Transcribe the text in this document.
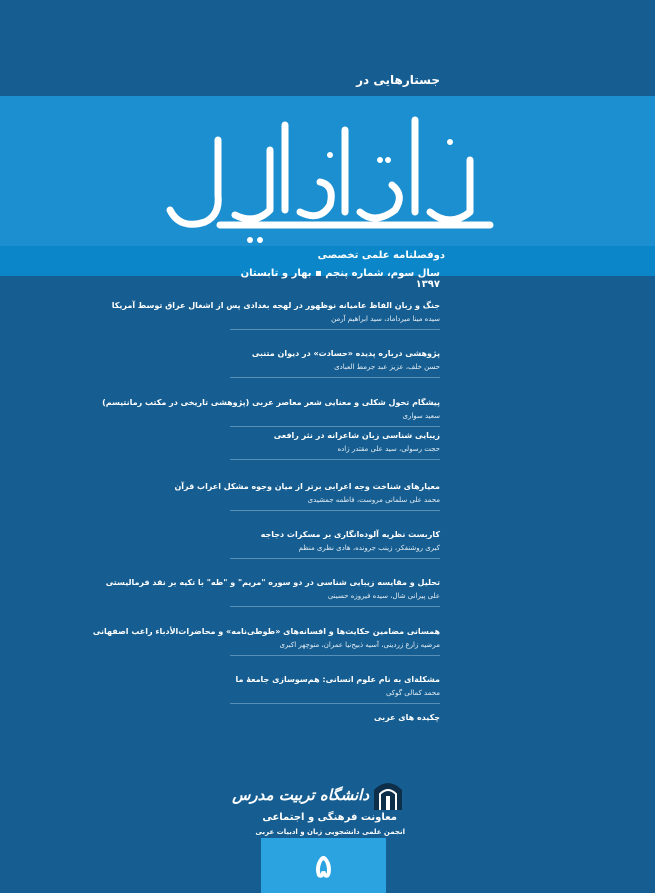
جستارهایی در
زبان و ادبیات عربی
دوفصلنامه علمی تخصصی
سال سوم، شماره پنجم ▪ بهار و تابستان ۱۳۹۷
جنگ و زبان الفاظ عامیانه نوظهور در لهجه بغدادی پس از اشغال عراق توسط آمریکا
سیده مینا میرداماد، سید ابراهیم آرمن
پژوهشی درباره پدیده «حسادت» در دیوان متنبی
حسن خلف، عزیز عبد جرمط العبادی
پیشگام تحول شکلی و معنایی شعر معاصر عربی (پژوهشی تاریخی در مکتب رمانتیسم)
سعید سواری
زیبایی شناسی زبان شاعرانه در نثر رافعی
حجت رسولی، سید علی مقتدر زاده
معیارهای شناخت وجه اعرابی برتر از میان وجوه مشکل اعراب قرآن
محمد علی سلمانی مروست، فاطمه جمشیدی
کاربست نظریه آلوده‌انگاری بر مسکرات دجاجه
کبری روشنفکر، زینب جرونده، هادی نظری منظم
تحلیل و مقایسه زیبایی شناسی در دو سوره "مریم" و "طه" با تکیه بر نقد فرمالیستی
علی پیرانی شال، سیده فیروزه حسینی
همسانی مضامین حکایت‌ها و افسانه‌های «طوطی‌نامه» و محاضرات‌الأدباء راغب اصفهانی
مرضیه زارع زردینی، آسیه ذبیح‌نیا عمران، منوچهر اکبری
مشکلةای به نام علوم انسانی: هم‌سوسازی جامعهٔ ما
محمد کمالی گوکی
چکیده های عربی
دانشگاه تربیت مدرس
معاونت فرهنگی و اجتماعی
انجمن علمی دانشجویی زبان و ادبیات عربی
۵
